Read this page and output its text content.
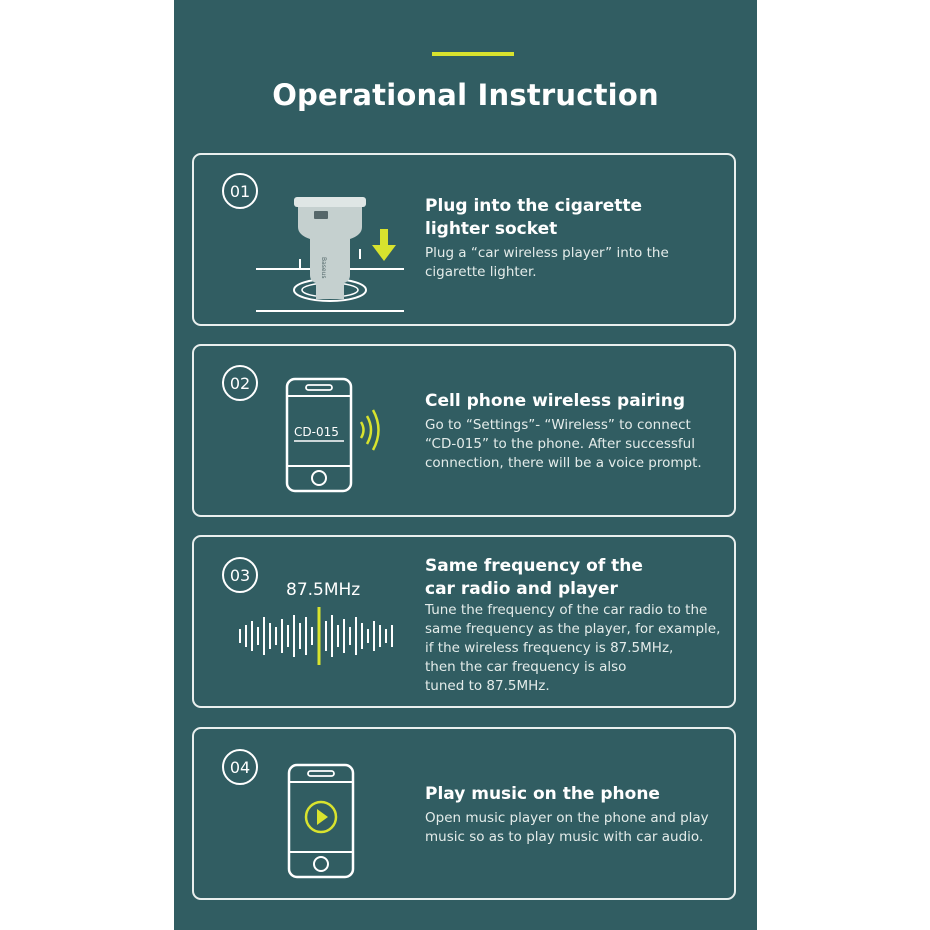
Operational Instruction
01
Baseus
Plug into the cigarette
lighter socket
Plug a “car wireless player” into the
cigarette lighter.
02
CD-015
Cell phone wireless pairing
Go to “Settings”- “Wireless” to connect
“CD-015” to the phone. After successful
connection, there will be a voice prompt.
03
87.5MHz
Same frequency of the
car radio and player
Tune the frequency of the car radio to the
same frequency as the player, for example,
if the wireless frequency is 87.5MHz,
then the car frequency is also
tuned to 87.5MHz.
04
Play music on the phone
Open music player on the phone and play
music so as to play music with car audio.
